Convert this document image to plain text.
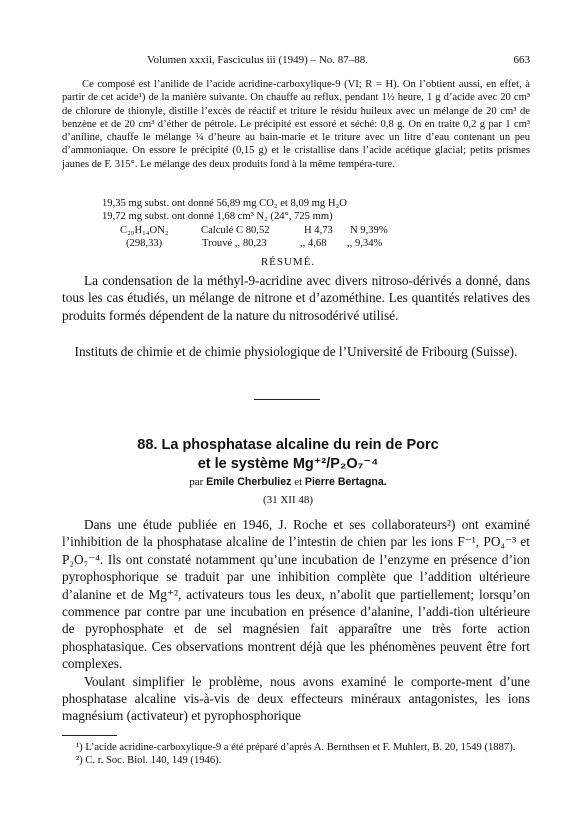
Volumen xxxii, Fasciculus iii (1949) – No. 87–88.	663
Ce composé est l’anilide de l’acide acridine-carboxylique-9 (VI; R = H). On l’obtient aussi, en effet, à partir de cet acide¹) de la manière suivante. On chauffe au reflux, pendant 1½ heure, 1 g d’acide avec 20 cm³ de chlorure de thionyle, distille l’excès de réactif et triture le résidu huileux avec un mélange de 20 cm³ de benzène et de 20 cm³ d’éther de pétrole. Le précipité est essoré et séché: 0,8 g. On en traite 0,2 g par 1 cm³ d’aniline, chauffe le mélange ¼ d’heure au bain-marie et le triture avec un litre d’eau contenant un peu d’ammoniaque. On essore le précipité (0,15 g) et le cristallise dans l’acide acétique glacial; petits prismes jaunes de F. 315°. Le mélange des deux produits fond à la même tempéra-ture.
19,35 mg subst. ont donné 56,89 mg CO₂ et 8,09 mg H₂O
19,72 mg subst. ont donné 1,68 cm³ N₂ (24°, 725 mm)
C₂₀H₁₄ON₂	Calculé C 80,52	H 4,73 N 9,39%
(298,33)	Trouvé ,, 80,23	,, 4,68 ,, 9,34%
RÉSUMÉ.
La condensation de la méthyl-9-acridine avec divers nitroso-dérivés a donné, dans tous les cas étudiés, un mélange de nitrone et d’azométhine. Les quantités relatives des produits formés dépendent de la nature du nitrosodérivé utilisé.
Instituts de chimie et de chimie physiologique de l’Université de Fribourg (Suisse).
88. La phosphatase alcaline du rein de Porc
et le système Mg⁺²/P₂O₇⁻⁴
par Emile Cherbuliez et Pierre Bertagna.
(31 XII 48)

Dans une étude publiée en 1946, J. Roche et ses collaborateurs²) ont examiné l’inhibition de la phosphatase alcaline de l’intestin de chien par les ions F⁻¹, PO₄⁻³ et P₂O₇⁻⁴. Ils ont constaté notamment qu’une incubation de l’enzyme en présence d’ion pyrophosphorique se traduit par une inhibition complète que l’addition ultérieure d’alanine et de Mg⁺², activateurs tous les deux, n’abolit que partiellement; lorsqu’on commence par contre par une incubation en présence d’alanine, l’addi-tion ultérieure de pyrophosphate et de sel magnésien fait apparaître une très forte action phosphatasique. Ces observations montrent déjà que les phénomènes peuvent être fort complexes.

Voulant simplifier le problème, nous avons examiné le comporte-ment d’une phosphatase alcaline vis-à-vis de deux effecteurs minéraux antagonistes, les ions magnésium (activateur) et pyrophosphorique

¹) L’acide acridine-carboxylique-9 a été préparé d’après A. Bernthsen et F. Muhlert, B. 20, 1549 (1887).

²) C. r. Soc. Biol. 140, 149 (1946).
